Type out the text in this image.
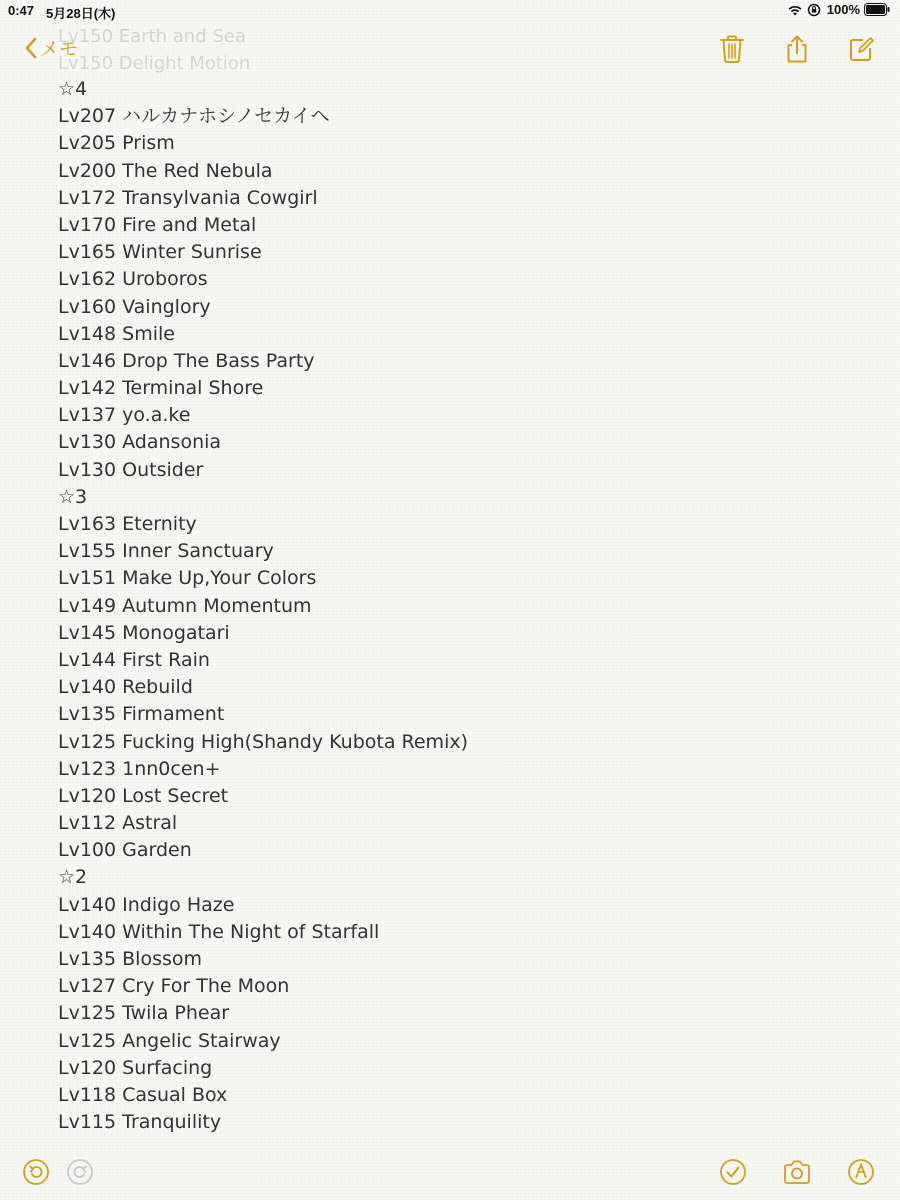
0:47 5月28日(木)	100%
Lv150 Earth and Sea
Lv150 Delight Motion
メモ
☆4
Lv207 ハルカナホシノセカイへ
Lv205 Prism
Lv200 The Red Nebula
Lv172 Transylvania Cowgirl
Lv170 Fire and Metal
Lv165 Winter Sunrise
Lv162 Uroboros
Lv160 Vainglory
Lv148 Smile
Lv146 Drop The Bass Party
Lv142 Terminal Shore
Lv137 yo.a.ke
Lv130 Adansonia
Lv130 Outsider
☆3
Lv163 Eternity
Lv155 Inner Sanctuary
Lv151 Make Up,Your Colors
Lv149 Autumn Momentum
Lv145 Monogatari
Lv144 First Rain
Lv140 Rebuild
Lv135 Firmament
Lv125 Fucking High(Shandy Kubota Remix)
Lv123 1nn0cen+
Lv120 Lost Secret
Lv112 Astral
Lv100 Garden
☆2
Lv140 Indigo Haze
Lv140 Within The Night of Starfall
Lv135 Blossom
Lv127 Cry For The Moon
Lv125 Twila Phear
Lv125 Angelic Stairway
Lv120 Surfacing
Lv118 Casual Box
Lv115 Tranquility
